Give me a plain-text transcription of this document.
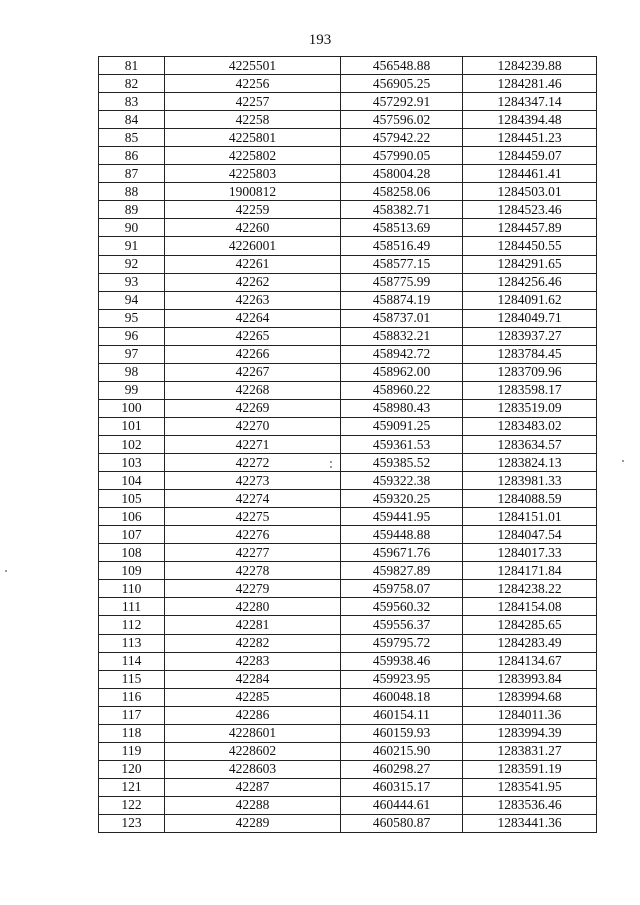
193
81	4225501	456548.88	1284239.88
82	42256	456905.25	1284281.46
83	42257	457292.91	1284347.14
84	42258	457596.02	1284394.48
85	4225801	457942.22	1284451.23
86	4225802	457990.05	1284459.07
87	4225803	458004.28	1284461.41
88	1900812	458258.06	1284503.01
89	42259	458382.71	1284523.46
90	42260	458513.69	1284457.89
91	4226001	458516.49	1284450.55
92	42261	458577.15	1284291.65
93	42262	458775.99	1284256.46
94	42263	458874.19	1284091.62
95	42264	458737.01	1284049.71
96	42265	458832.21	1283937.27
97	42266	458942.72	1283784.45
98	42267	458962.00	1283709.96
99	42268	458960.22	1283598.17
100	42269	458980.43	1283519.09
101	42270	459091.25	1283483.02
102	42271	459361.53	1283634.57
103	42272	459385.52	1283824.13
104	42273	459322.38	1283981.33
105	42274	459320.25	1284088.59
106	42275	459441.95	1284151.01
107	42276	459448.88	1284047.54
108	42277	459671.76	1284017.33
109	42278	459827.89	1284171.84
110	42279	459758.07	1284238.22
111	42280	459560.32	1284154.08
112	42281	459556.37	1284285.65
113	42282	459795.72	1284283.49
114	42283	459938.46	1284134.67
115	42284	459923.95	1283993.84
116	42285	460048.18	1283994.68
117	42286	460154.11	1284011.36
118	4228601	460159.93	1283994.39
119	4228602	460215.90	1283831.27
120	4228603	460298.27	1283591.19
121	42287	460315.17	1283541.95
122	42288	460444.61	1283536.46
123	42289	460580.87	1283441.36
